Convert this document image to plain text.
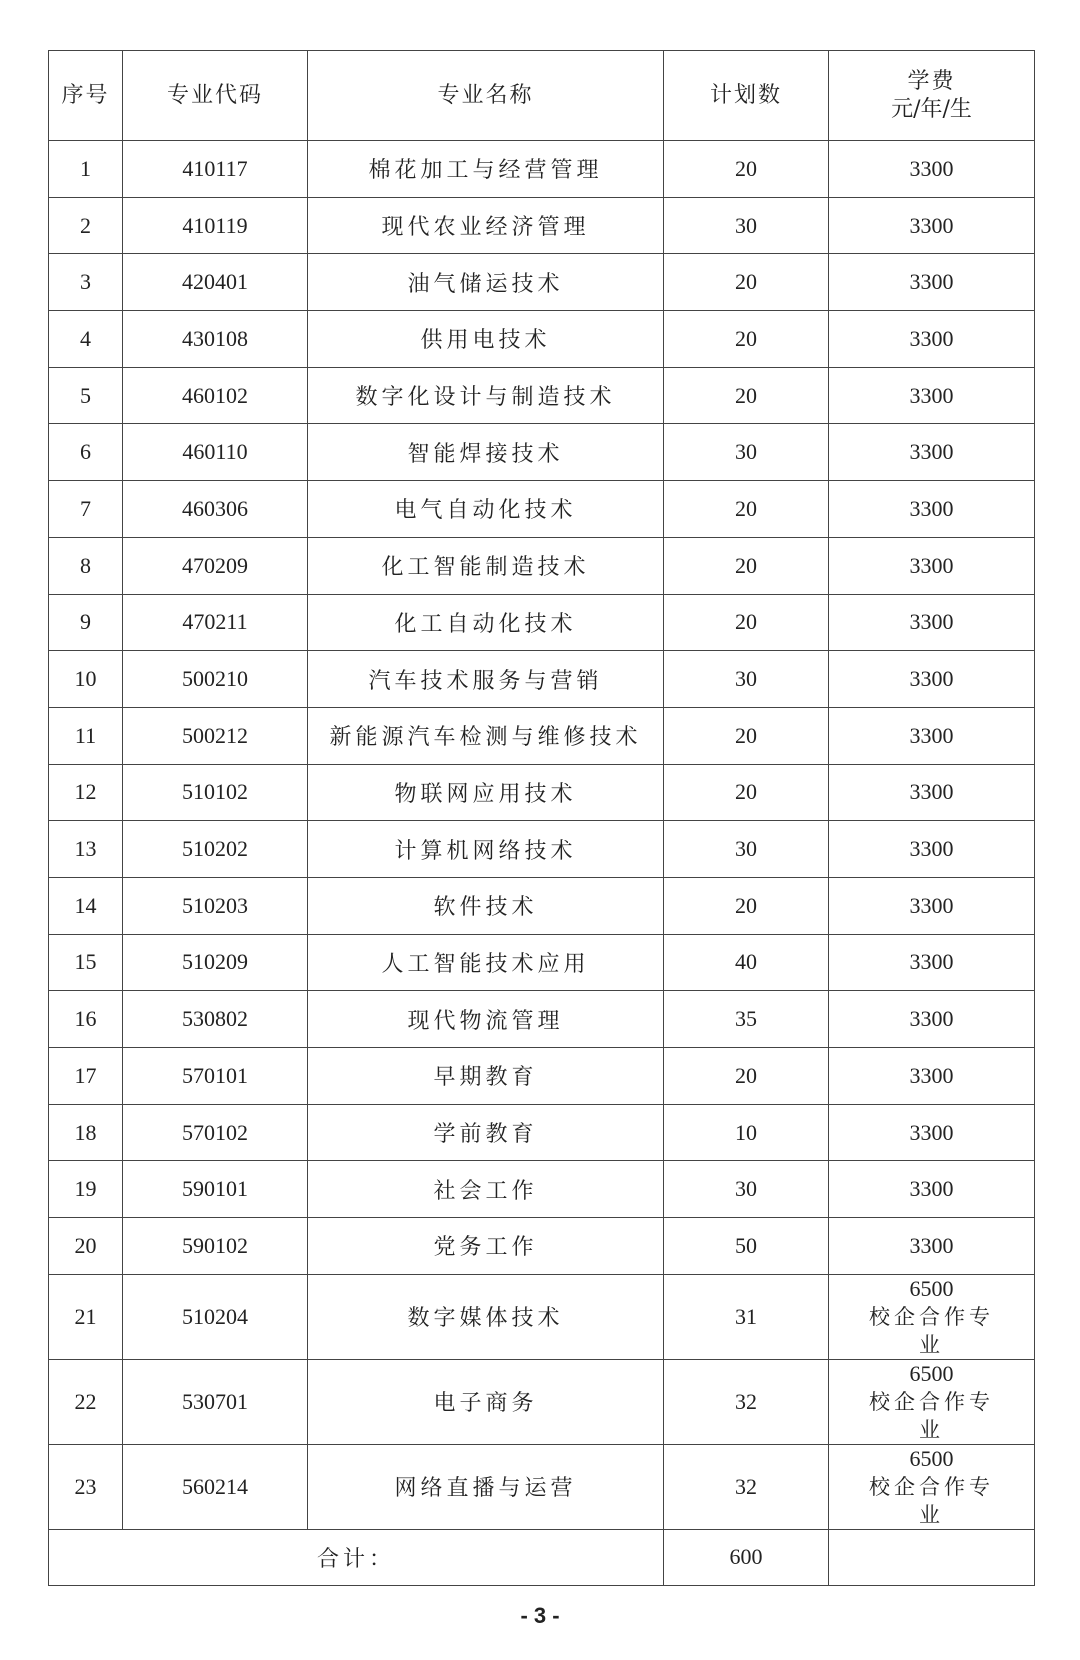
序号	专业代码	专业名称	计划数	学费
元/年/生

1	410117	棉花加工与经营管理	20	3300
2	410119	现代农业经济管理	30	3300
3	420401	油气储运技术	20	3300
4	430108	供用电技术	20	3300
5	460102	数字化设计与制造技术	20	3300
6	460110	智能焊接技术	30	3300
7	460306	电气自动化技术	20	3300
8	470209	化工智能制造技术	20	3300
9	470211	化工自动化技术	20	3300
10	500210	汽车技术服务与营销	30	3300
11	500212	新能源汽车检测与维修技术	20	3300
12	510102	物联网应用技术	20	3300
13	510202	计算机网络技术	30	3300
14	510203	软件技术	20	3300
15	510209	人工智能技术应用	40	3300
16	530802	现代物流管理	35	3300
17	570101	早期教育	20	3300
18	570102	学前教育	10	3300
19	590101	社会工作	30	3300
20	590102	党务工作	50	3300
21	510204	数字媒体技术	31	6500
校企合作专
业

22	530701	电子商务	32	6500
校企合作专
业

23	560214	网络直播与运营	32	6500
校企合作专
业

合计：			600	
- 3 -
